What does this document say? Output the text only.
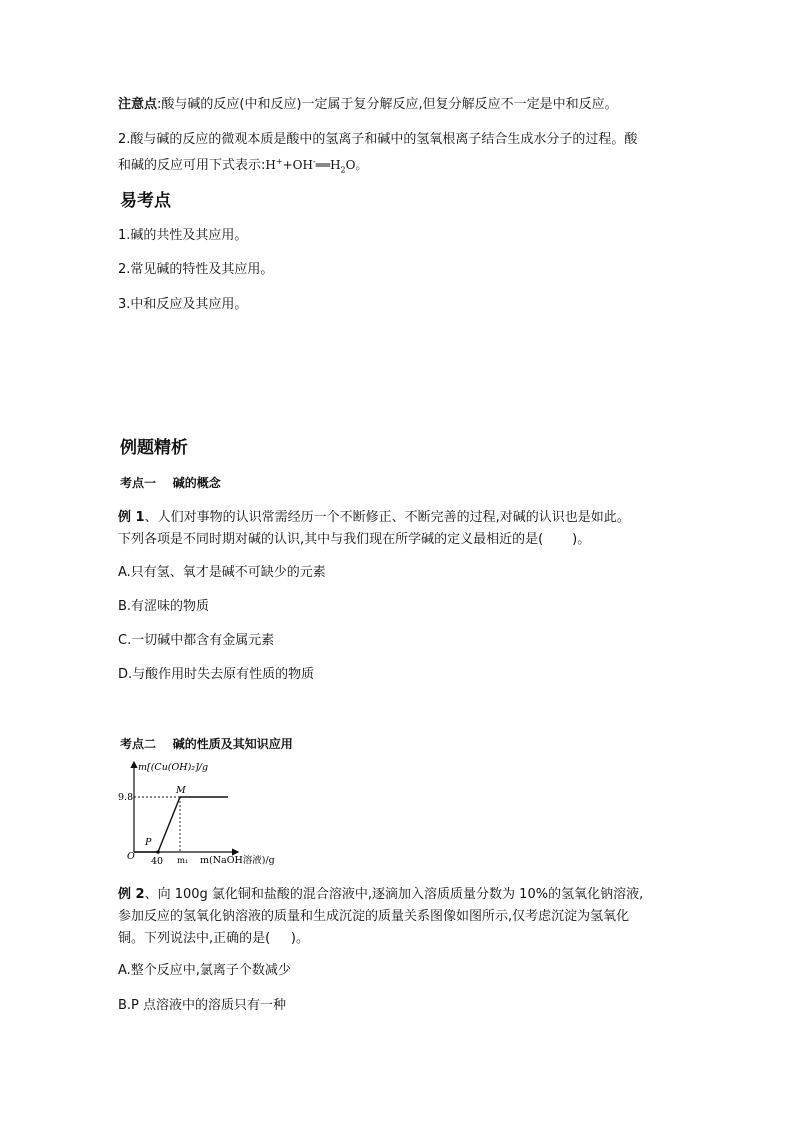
注意点:酸与碱的反应(中和反应)一定属于复分解反应,但复分解反应不一定是中和反应。
2.酸与碱的反应的微观本质是酸中的氢离子和碱中的氢氧根离子结合生成水分子的过程。酸
和碱的反应可用下式表示$:H^++OH^-══H_2O$。
易考点
1.碱的共性及其应用。
2.常见碱的特性及其应用。
3.中和反应及其应用。
例题精析
考点一    碱的概念
例 1、人们对事物的认识常需经历一个不断修正、不断完善的过程,对碱的认识也是如此。
下列各项是不同时期对碱的认识,其中与我们现在所学碱的定义最相近的是(       )。
A.只有氢、氧才是碱不可缺少的元素
B.有涩味的物质
C.一切碱中都含有金属元素
D.与酸作用时失去原有性质的物质
考点二    碱的性质及其知识应用
m[(Cu(OH)₂]/g
9.8
M
P
O 40 m₁ m(NaOH溶液)/g
例 2、向 100g 氯化铜和盐酸的混合溶液中,逐滴加入溶质质量分数为 10%的氢氧化钠溶液,
参加反应的氢氧化钠溶液的质量和生成沉淀的质量关系图像如图所示,仅考虑沉淀为氢氧化
铜。下列说法中,正确的是(     )。
A.整个反应中,氯离子个数减少
B.P 点溶液中的溶质只有一种
